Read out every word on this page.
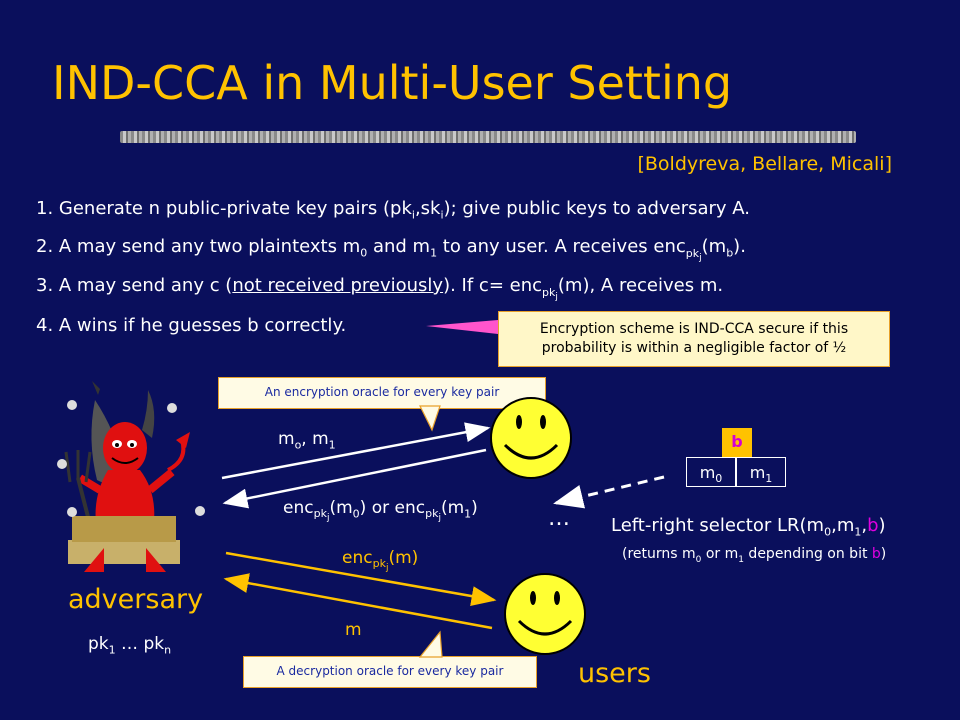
IND-CCA in Multi-User Setting
[Boldyreva, Bellare, Micali]
1. Generate n public-private key pairs $(pk_i,sk_i)$; give public keys to adversary A.
2. A may send any two plaintexts $m_0$ and $m_1$ to any user. A receives $enc_{pk_j}(m_b)$.
3. A may send any c (not received previously). If c= enc$_{pk_j}$(m), A receives m.
4. A wins if he guesses b correctly.	Encryption scheme is IND-CCA secure if this
probability is within a negligible factor of ½
An encryption oracle for every key pair
A decryption oracle for every key pair
$m_o$, $m_1$
$enc_{pk_j}(m_0)$ or $enc_{pk_j}(m_1)$	…
enc$_{pk_j}$(m)
m
adversary
$pk_1$ … $pk_n$
users
b
$m_0$	$m_1$
Left-right selector $LR(m_0,m_1,b)$
(returns $m_0$ or $m_1$ depending on bit b)
